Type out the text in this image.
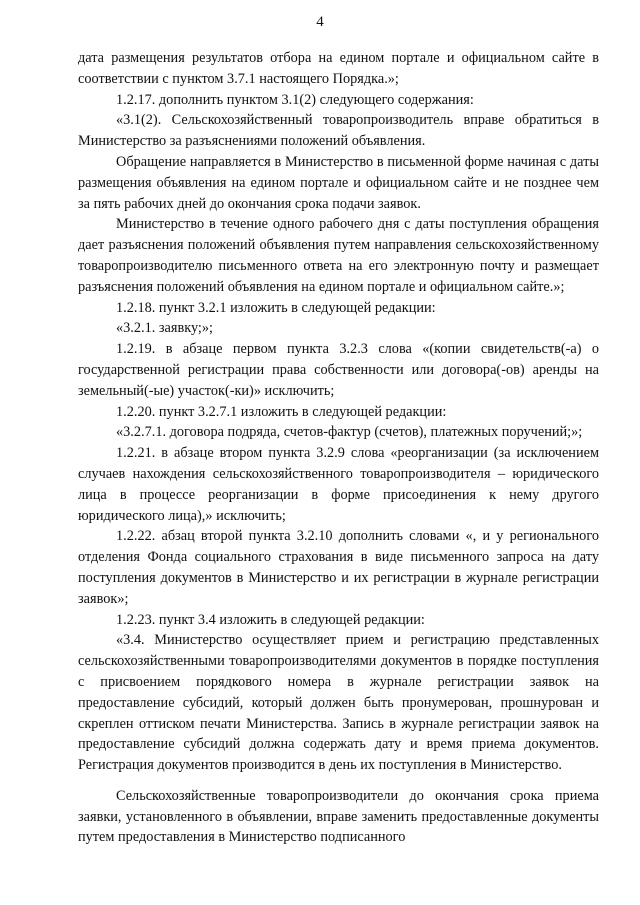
4

дата размещения результатов отбора на едином портале и официальном сайте в соответствии с пунктом 3.7.1 настоящего Порядка.»;

1.2.17. дополнить пунктом 3.1(2) следующего содержания:

«3.1(2). Сельскохозяйственный товаропроизводитель вправе обратиться в Министерство за разъяснениями положений объявления.

Обращение направляется в Министерство в письменной форме начиная с даты размещения объявления на едином портале и официальном сайте и не позднее чем за пять рабочих дней до окончания срока подачи заявок.

Министерство в течение одного рабочего дня с даты поступления обращения дает разъяснения положений объявления путем направления сельскохозяйственному товаропроизводителю письменного ответа на его электронную почту и размещает разъяснения положений объявления на едином портале и официальном сайте.»;

1.2.18. пункт 3.2.1 изложить в следующей редакции:

«3.2.1. заявку;»;

1.2.19. в абзаце первом пункта 3.2.3 слова «(копии свидетельств(-а) о государственной регистрации права собственности или договора(-ов) аренды на земельный(-ые) участок(-ки)» исключить;

1.2.20. пункт 3.2.7.1 изложить в следующей редакции:

«3.2.7.1. договора подряда, счетов-фактур (счетов), платежных поручений;»;

1.2.21. в абзаце втором пункта 3.2.9 слова «реорганизации (за исключением случаев нахождения сельскохозяйственного товаропроизводителя – юридического лица в процессе реорганизации в форме присоединения к нему другого юридического лица),» исключить;

1.2.22. абзац второй пункта 3.2.10 дополнить словами «, и у регионального отделения Фонда социального страхования в виде письменного запроса на дату поступления документов в Министерство и их регистрации в журнале регистрации заявок»;

1.2.23. пункт 3.4 изложить в следующей редакции:

«3.4. Министерство осуществляет прием и регистрацию представленных сельскохозяйственными товаропроизводителями документов в порядке поступления с присвоением порядкового номера в журнале регистрации заявок на предоставление субсидий, который должен быть пронумерован, прошнурован и скреплен оттиском печати Министерства. Запись в журнале регистрации заявок на предоставление субсидий должна содержать дату и время приема документов. Регистрация документов производится в день их поступления в Министерство.

Сельскохозяйственные товаропроизводители до окончания срока приема заявки, установленного в объявлении, вправе заменить предоставленные документы путем предоставления в Министерство подписанного
